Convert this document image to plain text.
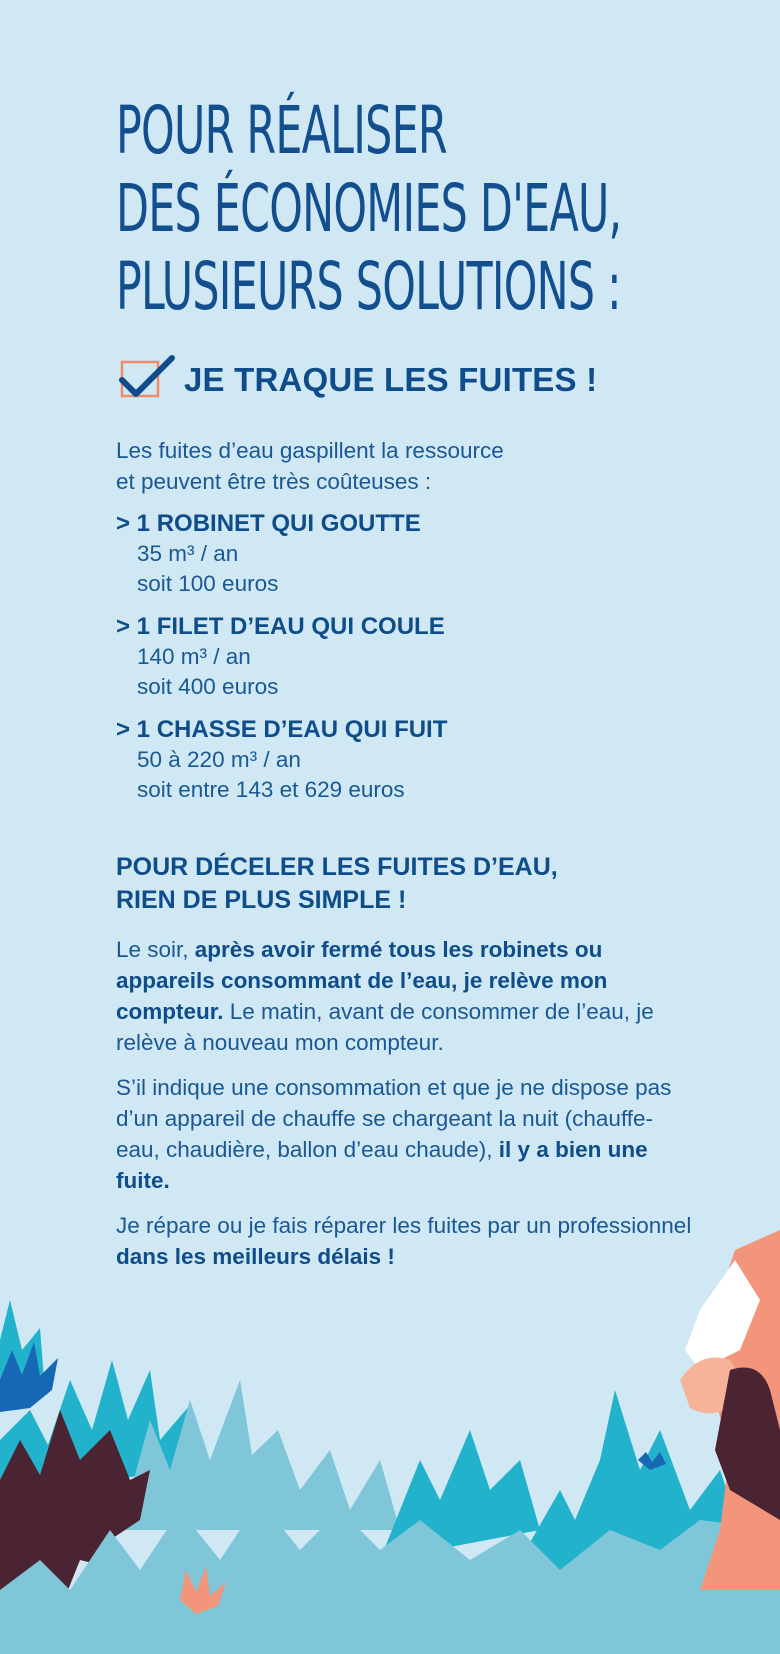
POUR RÉALISER
DES ÉCONOMIES D'EAU,
PLUSIEURS SOLUTIONS :
JE TRAQUE LES FUITES !
Les fuites d’eau gaspillent la ressource
et peuvent être très coûteuses :
> 1 ROBINET QUI GOUTTE
35 m³ / an
soit 100 euros
> 1 FILET D’EAU QUI COULE
140 m³ / an
soit 400 euros
> 1 CHASSE D’EAU QUI FUIT
50 à 220 m³ / an
soit entre 143 et 629 euros
POUR DÉCELER LES FUITES D’EAU,
RIEN DE PLUS SIMPLE !
Le soir, après avoir fermé tous les robinets ou appareils consommant de l’eau, je relève mon compteur. Le matin, avant de consommer de l’eau, je relève à nouveau mon compteur.
S’il indique une consommation et que je ne dispose pas d’un appareil de chauffe se chargeant la nuit (chauffe-eau, chaudière, ballon d’eau chaude), il y a bien une fuite.
Je répare ou je fais réparer les fuites par un professionnel dans les meilleurs délais !
